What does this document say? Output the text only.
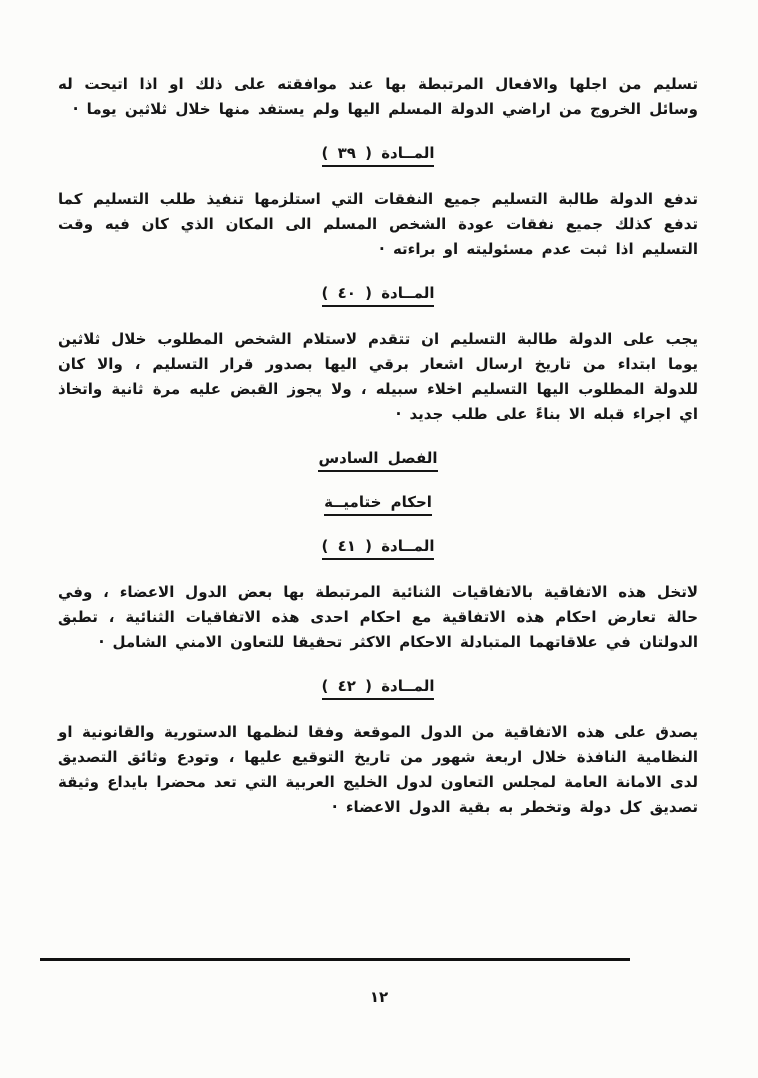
تسليم من اجلها والافعال المرتبطة بها عند موافقته على ذلك او اذا اتيحت له وسائل الخروج من اراضي الدولة المسلم اليها ولم يستفد منها خلال ثلاثين يوما ·

المــادة ( ٣٩ )

تدفع الدولة طالبة التسليم جميع النفقات التي استلزمها تنفيذ طلب التسليم كما تدفع كذلك جميع نفقات عودة الشخص المسلم الى المكان الذي كان فيه وقت التسليم اذا ثبت عدم مسئوليته او براءته ·

المــادة ( ٤٠ )

يجب على الدولة طالبة التسليم ان تتقدم لاستلام الشخص المطلوب خلال ثلاثين يوما ابتداء من تاريخ ارسال اشعار برقي اليها بصدور قرار التسليم ، والا كان للدولة المطلوب اليها التسليم اخلاء سبيله ، ولا يجوز القبض عليه مرة ثانية واتخاذ اي اجراء قبله الا بناءً على طلب جديد ·

الفصل السادس
احكام ختاميــة
المــادة ( ٤١ )

لاتخل هذه الاتفاقية بالاتفاقيات الثنائية المرتبطة بها بعض الدول الاعضاء ، وفي حالة تعارض احكام هذه الاتفاقية مع احكام احدى هذه الاتفاقيات الثنائية ، تطبق الدولتان في علاقاتهما المتبادلة الاحكام الاكثر تحقيقا للتعاون الامني الشامل ·

المــادة ( ٤٢ )

يصدق على هذه الاتفاقية من الدول الموقعة وفقا لنظمها الدستورية والقانونية او النظامية النافذة خلال اربعة شهور من تاريخ التوقيع عليها ، وتودع وثائق التصديق لدى الامانة العامة لمجلس التعاون لدول الخليج العربية التي تعد محضرا بايداع وثيقة تصديق كل دولة وتخطر به بقية الدول الاعضاء ·

١٢
